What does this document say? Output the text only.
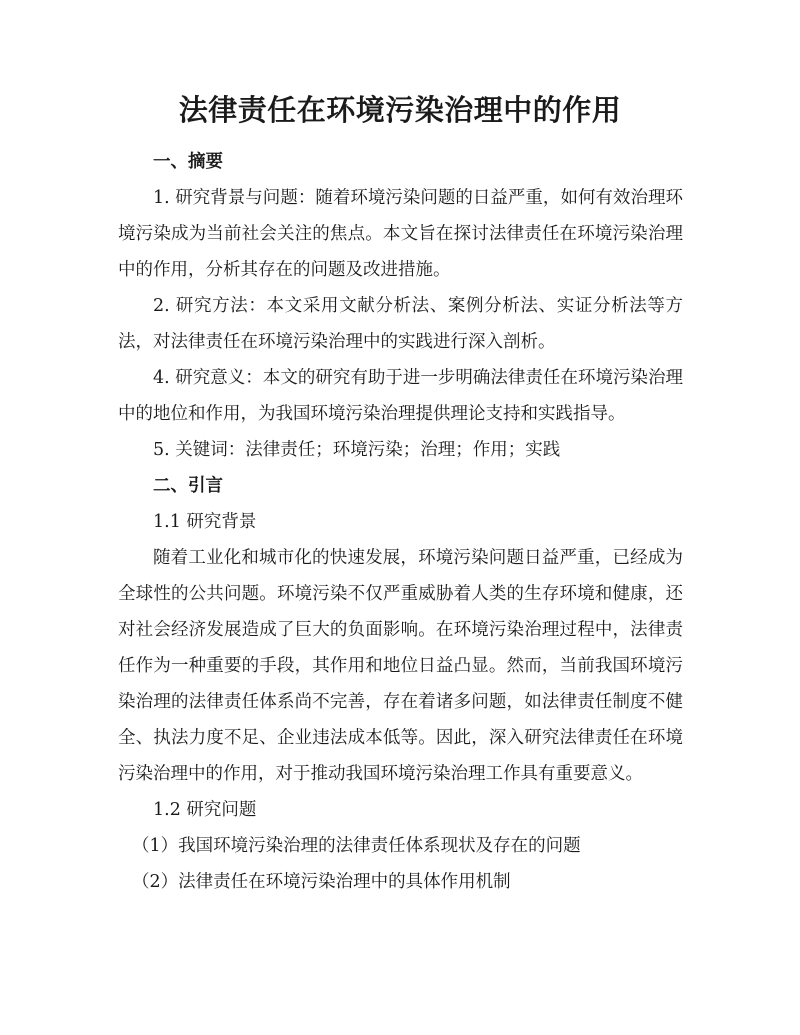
法律责任在环境污染治理中的作用

一、摘要

1. 研究背景与问题：随着环境污染问题的日益严重，如何有效治理环境污染成为当前社会关注的焦点。本文旨在探讨法律责任在环境污染治理中的作用，分析其存在的问题及改进措施。

2. 研究方法：本文采用文献分析法、案例分析法、实证分析法等方法，对法律责任在环境污染治理中的实践进行深入剖析。

4. 研究意义：本文的研究有助于进一步明确法律责任在环境污染治理中的地位和作用，为我国环境污染治理提供理论支持和实践指导。

5. 关键词：法律责任；环境污染；治理；作用；实践

二、引言

1.1 研究背景

随着工业化和城市化的快速发展，环境污染问题日益严重，已经成为全球性的公共问题。环境污染不仅严重威胁着人类的生存环境和健康，还对社会经济发展造成了巨大的负面影响。在环境污染治理过程中，法律责任作为一种重要的手段，其作用和地位日益凸显。然而，当前我国环境污染治理的法律责任体系尚不完善，存在着诸多问题，如法律责任制度不健全、执法力度不足、企业违法成本低等。因此，深入研究法律责任在环境污染治理中的作用，对于推动我国环境污染治理工作具有重要意义。

1.2 研究问题

（1）我国环境污染治理的法律责任体系现状及存在的问题

（2）法律责任在环境污染治理中的具体作用机制
